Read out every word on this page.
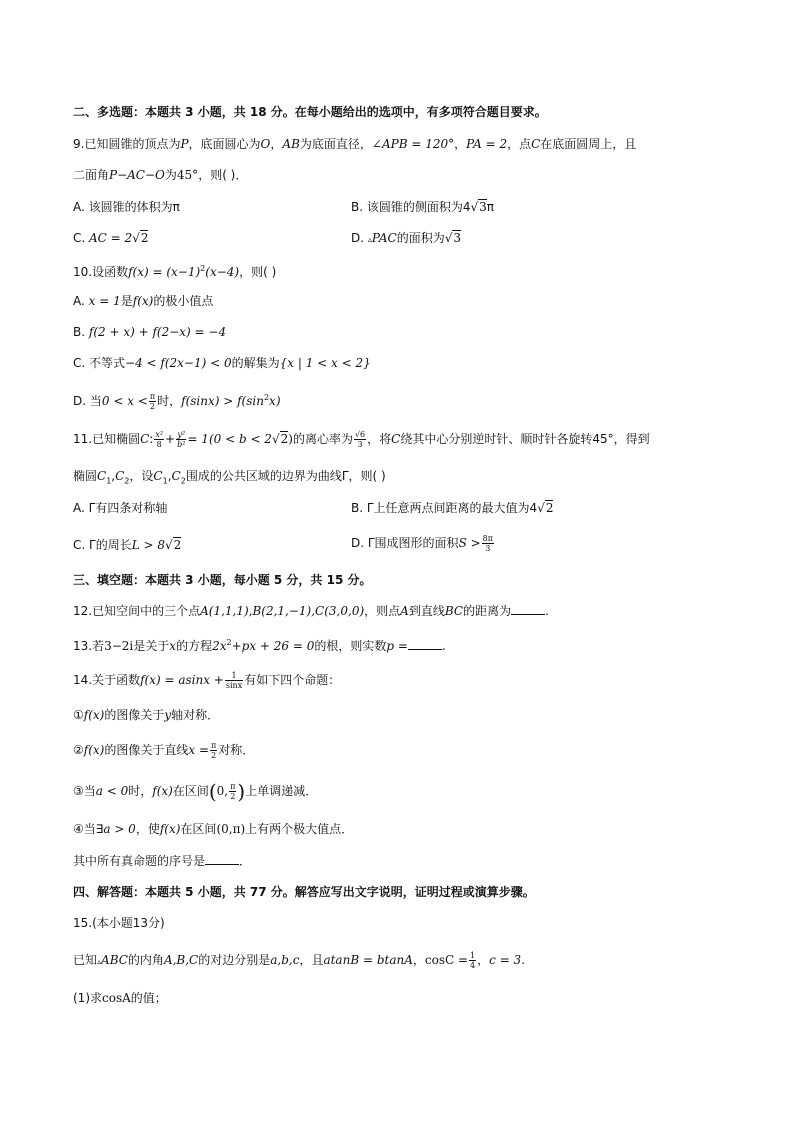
二、多选题：本题共 3 小题，共 18 分。在每小题给出的选项中，有多项符合题目要求。
9.已知圆锥的顶点为P，底面圆心为O，AB为底面直径，∠APB = 120°，PA = 2，点C在底面圆周上，且
二面角P−AC−O为45°，则( )．
A. 该圆锥的体积为π	B. 该圆锥的侧面积为4√3π
C. AC = 2√2	D. ▵PAC的面积为√3
10.设函数$f(x) = (x-1)^2(x-4)$，则( )
A. x = 1是f(x)的极小值点
B. f(2 + x) + f(2−x) = −4
C. 不等式−4 < f(2x−1) < 0的解集为{x | 1 < x < 2}
D. 当$0 < x < \frac{\pi}{2}$ 时，$f(\sin x) > f(\sin^2x)$
11.已知椭圆C: $\frac{\text{x²}}{8} + \frac{\text{y²}}{\text{b²}} = 1(0 < b < 2√2)$的离心率为 $\frac{√6}{3}$ ，将C绕其中心分别逆时针、顺时针各旋转45°，得到
椭圆$C_1,C_2$，设$C_1,C_2$围成的公共区域的边界为曲线Γ，则( )
A. Γ有四条对称轴	B. Γ上任意两点间距离的最大值为4√2
C. Γ的周长L > 8√2	D. Γ围成图形的面积$S > \frac{8\pi}{3}$
三、填空题：本题共 3 小题，每小题 5 分，共 15 分。
12.已知空间中的三个点A(1,1,1),B(2,1,−1),C(3,0,0)，则点A到直线BC的距离为	.
13.若3−2i是关于x的方程$2x^2+px + 26 = 0$的根，则实数p =	.
14.关于函数$f(x) = asinx + \frac{1}{\sin x}$ 有如下四个命题：
①f(x)的图像关于y轴对称．
②f(x)的图像关于直线$x = \frac{\pi}{2}$ 对称．
③当a < 0时，f(x)在区间(0, $\frac{\pi}{2}$ )上单调递减．
④当∃a > 0，使f(x)在区间(0,π)上有两个极大值点．
其中所有真命题的序号是	．
四、解答题：本题共 5 小题，共 77 分。解答应写出文字说明，证明过程或演算步骤。
15.(本小题13分)
已知▵ABC的内角A,B,C的对边分别是a,b,c，且atanB = btanA，$\cos C = \frac{1}{4}$ ，c = 3.
(1)求cosA的值；
